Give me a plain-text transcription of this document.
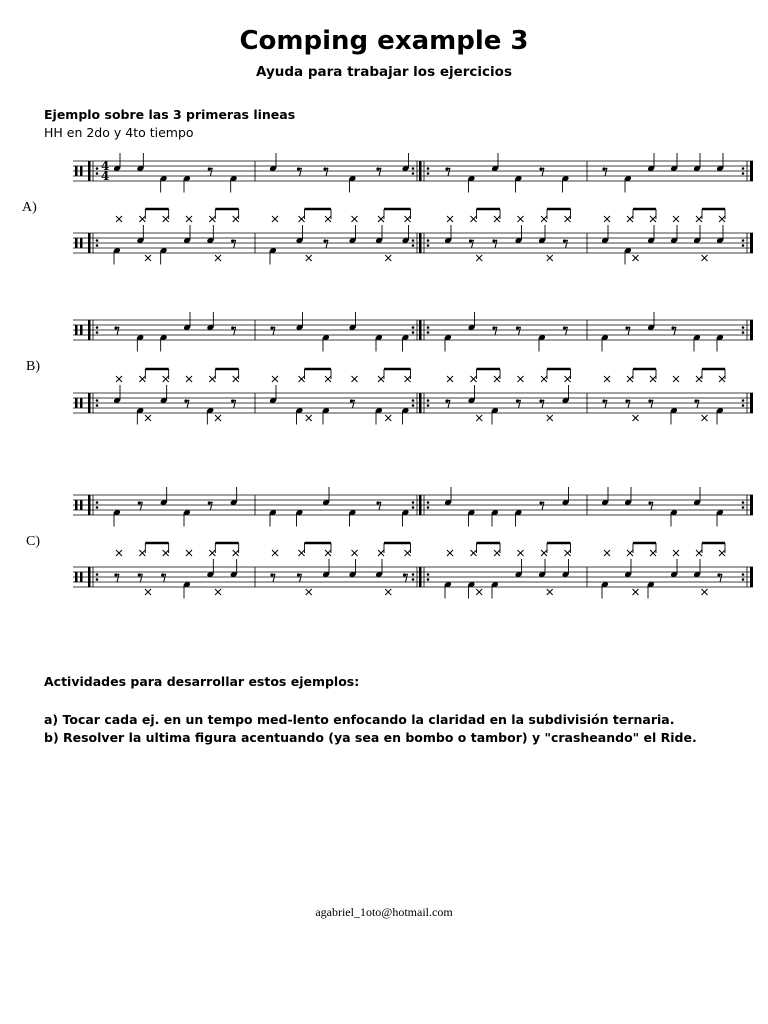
Comping example 3
Ayuda para trabajar los ejercicios
Ejemplo sobre las 3 primeras lineas
HH en 2do y 4to tiempo
4
4
A)
B)
C)
Actividades para desarrollar estos ejemplos:
a) Tocar cada ej. en un tempo med-lento enfocando la claridad en la subdivisión ternaria.
b) Resolver la ultima figura acentuando (ya sea en bombo o tambor) y "crasheando" el Ride.
agabriel_1oto@hotmail.com
